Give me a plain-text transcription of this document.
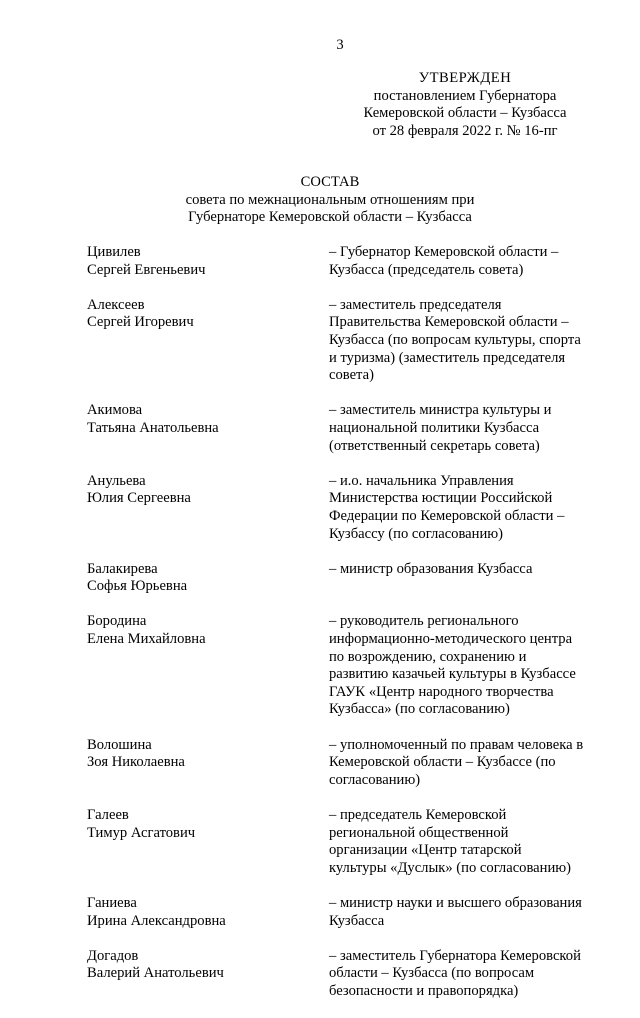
3
УТВЕРЖДЕН
постановлением Губернатора
Кемеровской области – Кузбасса
от 28 февраля 2022 г. № 16-пг
СОСТАВ
совета по межнациональным отношениям при
Губернаторе Кемеровской области – Кузбасса
Цивилев
Сергей Евгеньевич
– Губернатор Кемеровской области –
Кузбасса (председатель совета)
Алексеев
Сергей Игоревич
– заместитель председателя
Правительства Кемеровской области –
Кузбасса (по вопросам культуры, спорта
и туризма) (заместитель председателя
совета)
Акимова
Татьяна Анатольевна
– заместитель министра культуры и
национальной политики Кузбасса
(ответственный секретарь совета)
Анульева
Юлия Сергеевна
– и.о. начальника Управления
Министерства юстиции Российской
Федерации по Кемеровской области –
Кузбассу (по согласованию)
Балакирева
Софья Юрьевна
– министр образования Кузбасса
Бородина
Елена Михайловна
– руководитель регионального
информационно-методического центра
по возрождению, сохранению и
развитию казачьей культуры в Кузбассе
ГАУК «Центр народного творчества
Кузбасса» (по согласованию)
Волошина
Зоя Николаевна
– уполномоченный по правам человека в
Кемеровской области – Кузбассе (по
согласованию)
Галеев
Тимур Асгатович
– председатель Кемеровской
региональной общественной
организации «Центр татарской
культуры «Дуслык» (по согласованию)
Ганиева
Ирина Александровна
– министр науки и высшего образования
Кузбасса
Догадов
Валерий Анатольевич
– заместитель Губернатора Кемеровской
области – Кузбасса (по вопросам
безопасности и правопорядка)
